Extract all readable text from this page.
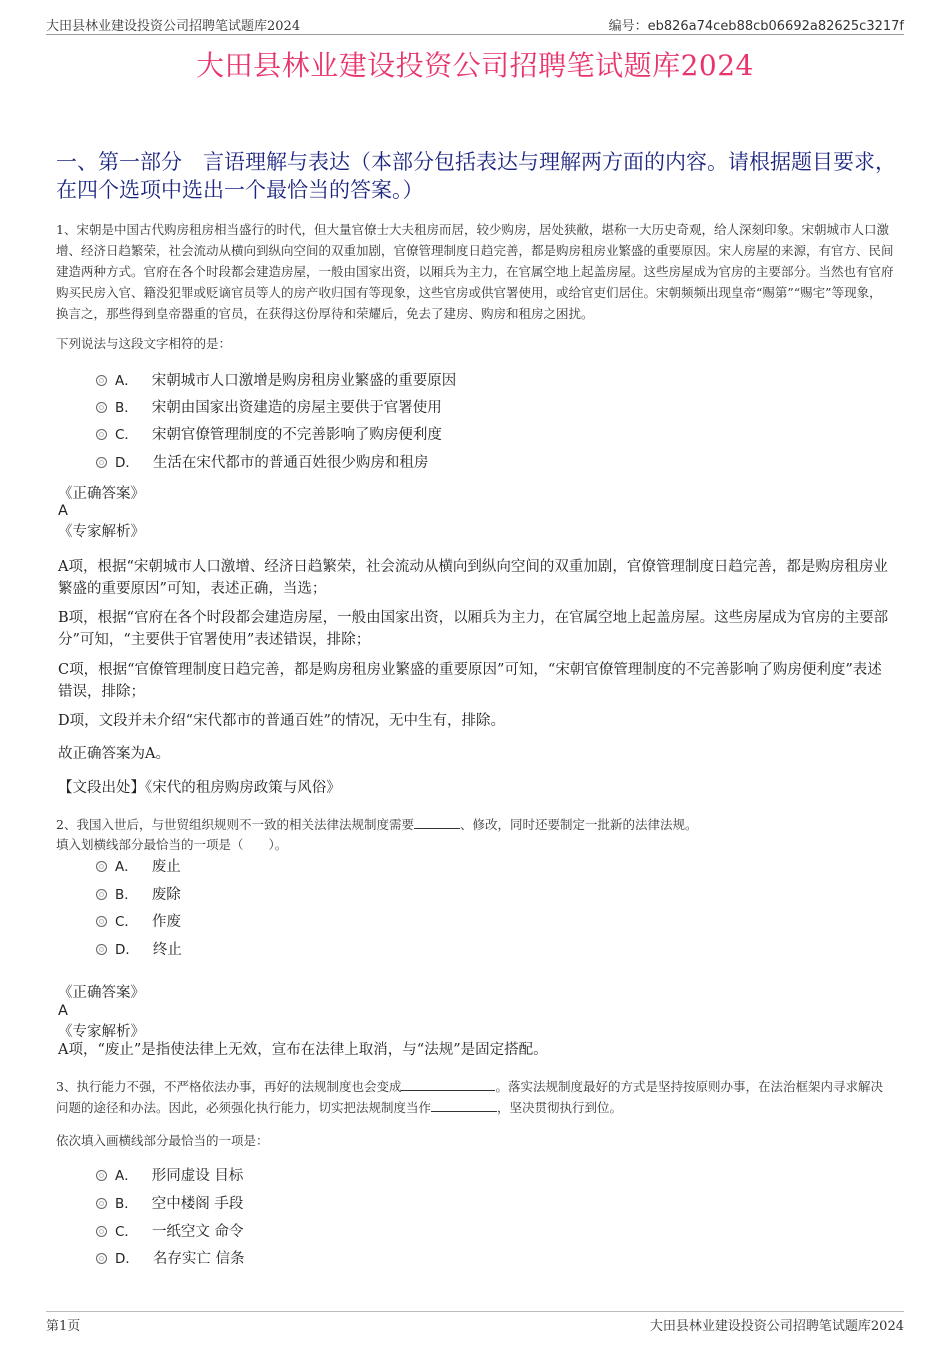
大田县林业建设投资公司招聘笔试题库2024	编号：eb826a74ceb88cb06692a82625c3217f
大田县林业建设投资公司招聘笔试题库2024
一、第一部分　言语理解与表达（本部分包括表达与理解两方面的内容。请根据题目要求，在四个选项中选出一个最恰当的答案。）
1、宋朝是中国古代购房租房相当盛行的时代，但大量官僚士大夫租房而居，较少购房，居处狭敝，堪称一大历史奇观，给人深刻印象。宋朝城市人口激增、经济日趋繁荣，社会流动从横向到纵向空间的双重加剧，官僚管理制度日趋完善，都是购房租房业繁盛的重要原因。宋人房屋的来源，有官方、民间建造两种方式。官府在各个时段都会建造房屋，一般由国家出资，以厢兵为主力，在官属空地上起盖房屋。这些房屋成为官房的主要部分。当然也有官府购买民房入官、籍没犯罪或贬谪官员等人的房产收归国有等现象，这些官房或供官署使用，或给官吏们居住。宋朝频频出现皇帝“赐第”“赐宅”等现象，换言之，那些得到皇帝器重的官员，在获得这份厚待和荣耀后，免去了建房、购房和租房之困扰。
下列说法与这段文字相符的是：
A． 宋朝城市人口激增是购房租房业繁盛的重要原因
B． 宋朝由国家出资建造的房屋主要供于官署使用
C． 宋朝官僚管理制度的不完善影响了购房便利度
D． 生活在宋代都市的普通百姓很少购房和租房
《正确答案》
A
《专家解析》
A项，根据“宋朝城市人口激增、经济日趋繁荣，社会流动从横向到纵向空间的双重加剧，官僚管理制度日趋完善，都是购房租房业繁盛的重要原因”可知，表述正确，当选；
B项，根据“官府在各个时段都会建造房屋，一般由国家出资，以厢兵为主力，在官属空地上起盖房屋。这些房屋成为官房的主要部分”可知，“主要供于官署使用”表述错误，排除；
C项，根据“官僚管理制度日趋完善，都是购房租房业繁盛的重要原因”可知，“宋朝官僚管理制度的不完善影响了购房便利度”表述错误，排除；
D项，文段并未介绍“宋代都市的普通百姓”的情况，无中生有，排除。
故正确答案为A。
【文段出处】《宋代的租房购房政策与风俗》
2、我国入世后，与世贸组织规则不一致的相关法律法规制度需要	、修改，同时还要制定一批新的法律法规。
填入划横线部分最恰当的一项是（　　）。
A． 废止
B． 废除
C． 作废
D． 终止
《正确答案》
A
《专家解析》
A项，“废止”是指使法律上无效，宣布在法律上取消，与“法规”是固定搭配。
3、执行能力不强，不严格依法办事，再好的法规制度也会变成	。落实法规制度最好的方式是坚持按原则办事，在法治框架内寻求解决问题的途径和办法。因此，必须强化执行能力，切实把法规制度当作	，坚决贯彻执行到位。
依次填入画横线部分最恰当的一项是：
A． 形同虚设 目标
B． 空中楼阁 手段
C． 一纸空文 命令
D． 名存实亡 信条
第1页	大田县林业建设投资公司招聘笔试题库2024
